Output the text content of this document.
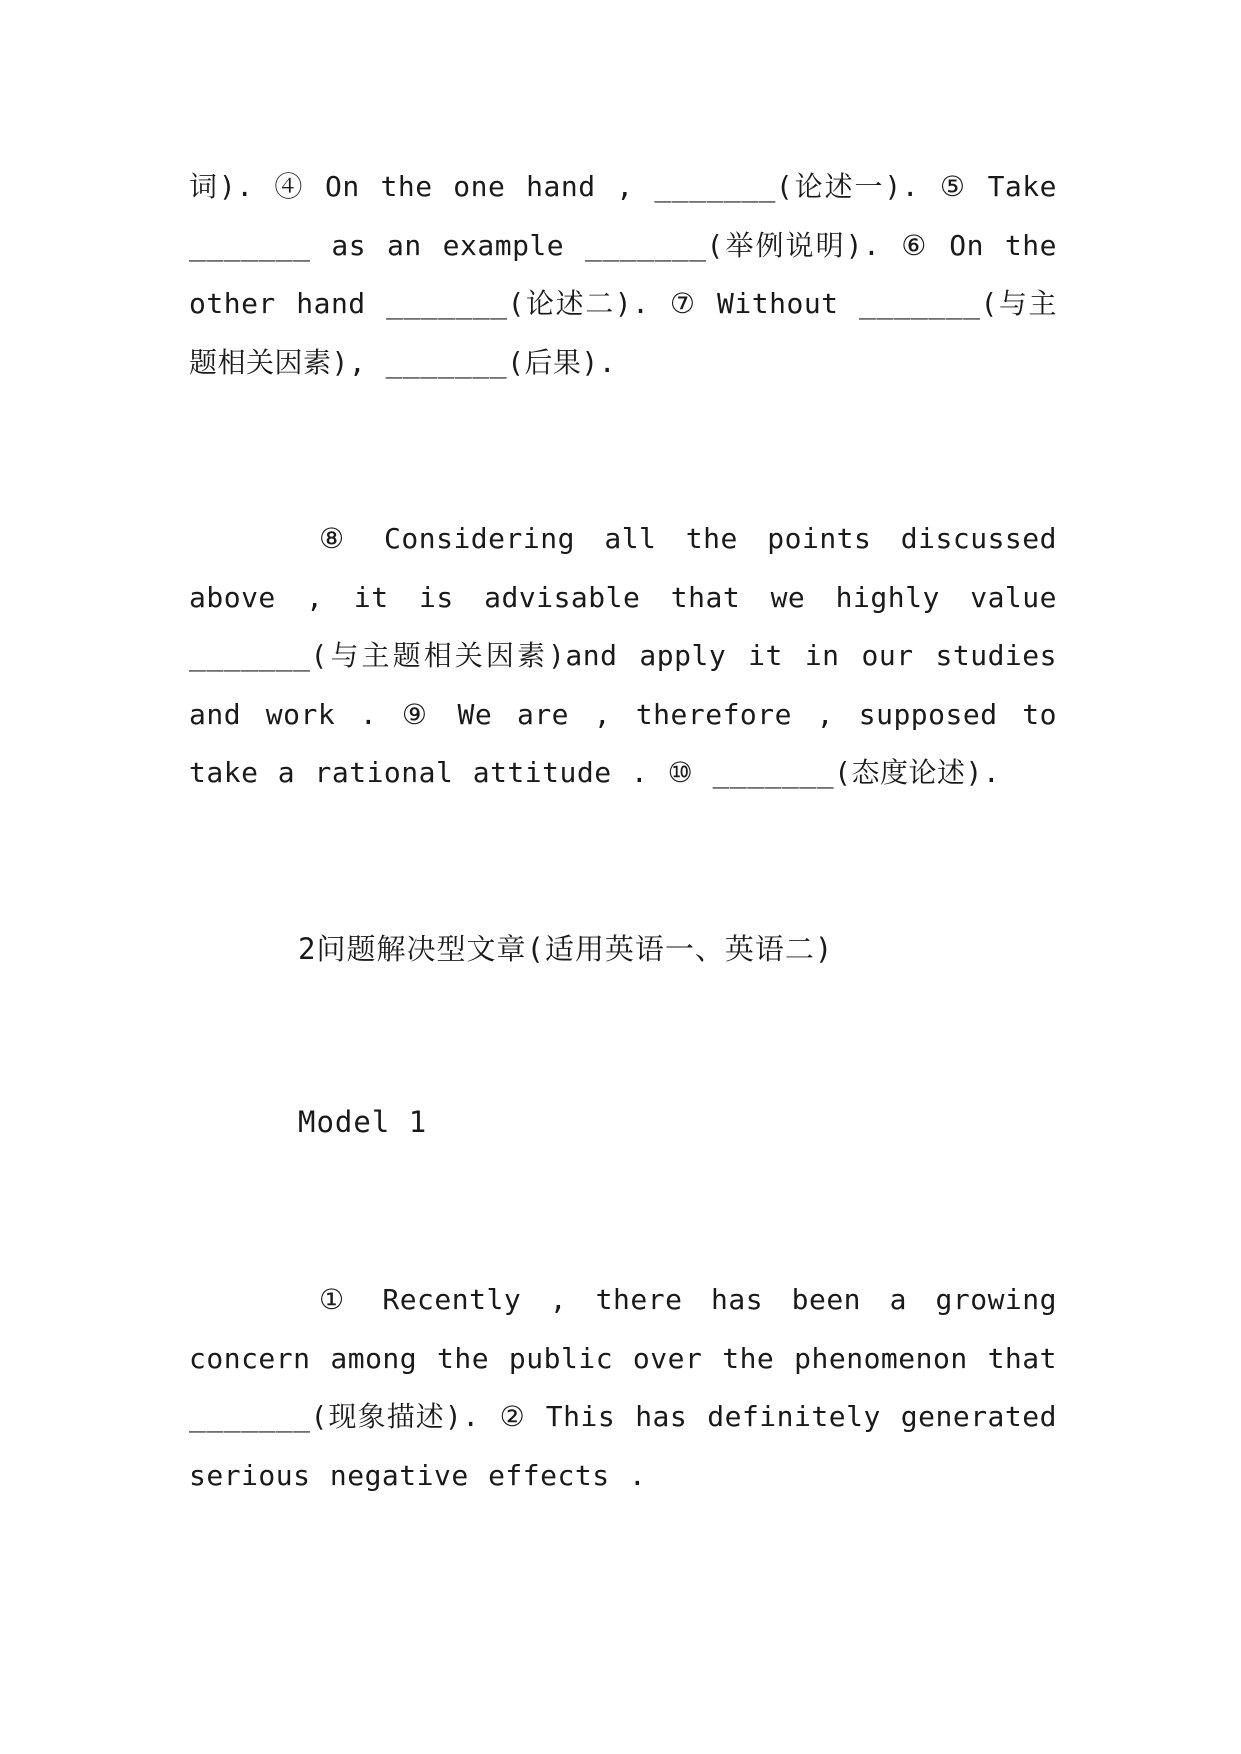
词). ④ On the one hand , _______(论述一). ⑤ Take _______ as an example _______(举例说明). ⑥ On the other hand _______(论述二). ⑦ Without _______(与主题相关因素), _______(后果).

⑧ Considering all the points discussed above , it is advisable that we highly value _______(与主题相关因素)and apply it in our studies and work . ⑨ We are , therefore , supposed to take a rational attitude . ⑩ _______(态度论述).

2问题解决型文章(适用英语一、英语二)

Model 1

① Recently , there has been a growing concern among the public over the phenomenon that _______(现象描述). ② This has definitely generated serious negative effects .
